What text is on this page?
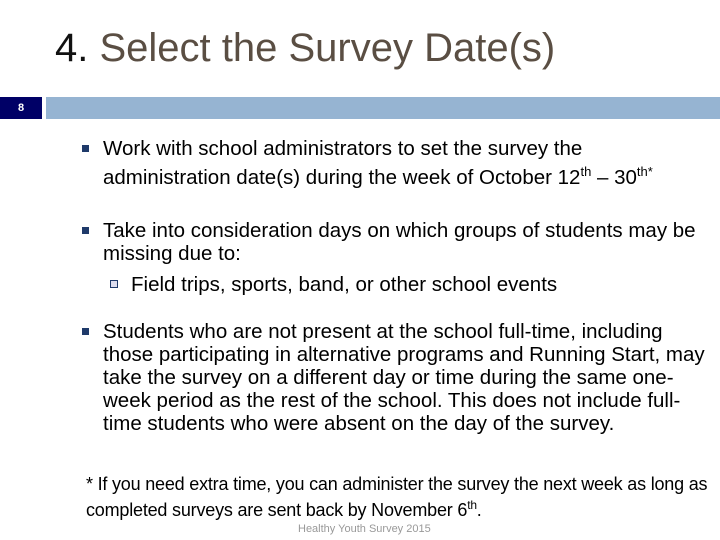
4. Select the Survey Date(s)
8
Work with school administrators to set the survey the administration date(s) during the week of October $12th - 30^{th*}$
Take into consideration days on which groups of students may be missing due to:
Field trips, sports, band, or other school events
Students who are not present at the school full-time, including those participating in alternative programs and Running Start, may take the survey on a different day or time during the same one-week period as the rest of the school. This does not include full-time students who were absent on the day of the survey.
* If you need extra time, you can administer the survey the next week as long as completed surveys are sent back by November 6th.
Healthy Youth Survey 2015
